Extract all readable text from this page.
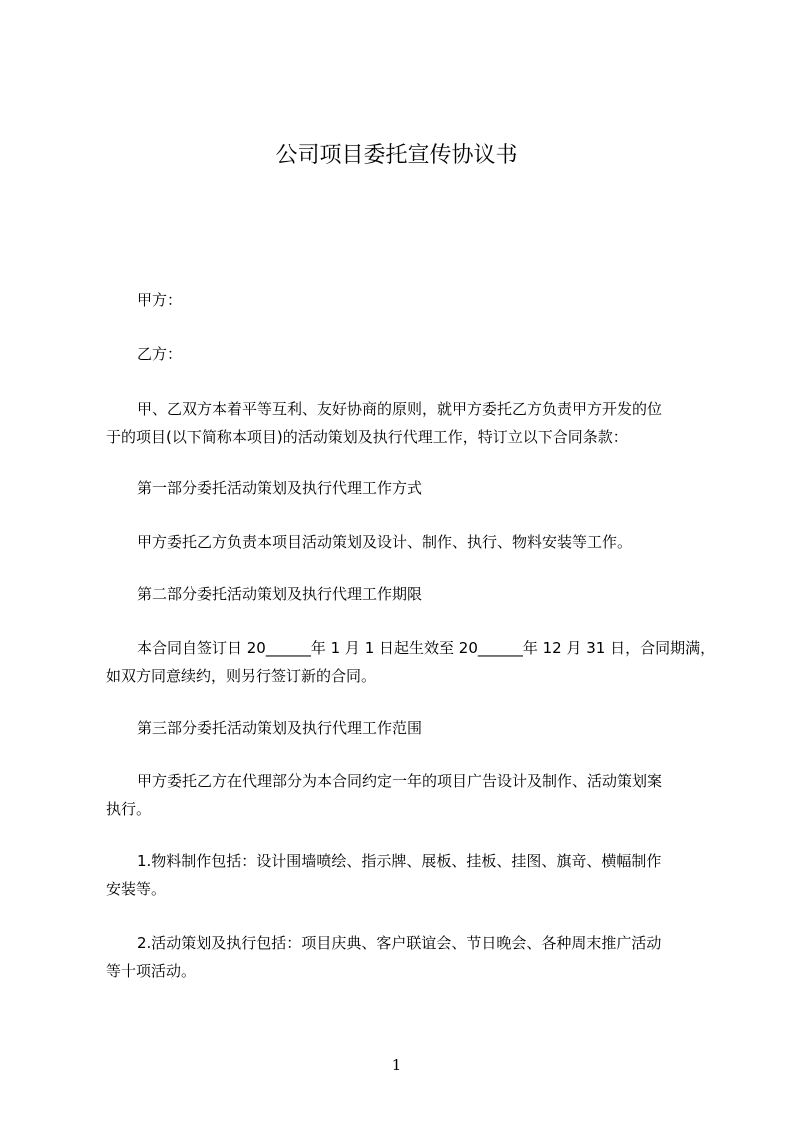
公司项目委托宣传协议书
甲方：
乙方：
甲、乙双方本着平等互利、友好协商的原则，就甲方委托乙方负责甲方开发的位
于的项目(以下简称本项目)的活动策划及执行代理工作，特订立以下合同条款：
第一部分委托活动策划及执行代理工作方式
甲方委托乙方负责本项目活动策划及设计、制作、执行、物料安装等工作。
第二部分委托活动策划及执行代理工作期限
本合同自签订日 20______年 1 月 1 日起生效至 20______年 12 月 31 日，合同期满，
如双方同意续约，则另行签订新的合同。
第三部分委托活动策划及执行代理工作范围
甲方委托乙方在代理部分为本合同约定一年的项目广告设计及制作、活动策划案
执行。
1.物料制作包括：设计围墙喷绘、指示牌、展板、挂板、挂图、旗竒、横幅制作
安装等。
2.活动策划及执行包括：项目庆典、客户联谊会、节日晚会、各种周末推广活动
等十项活动。
1
